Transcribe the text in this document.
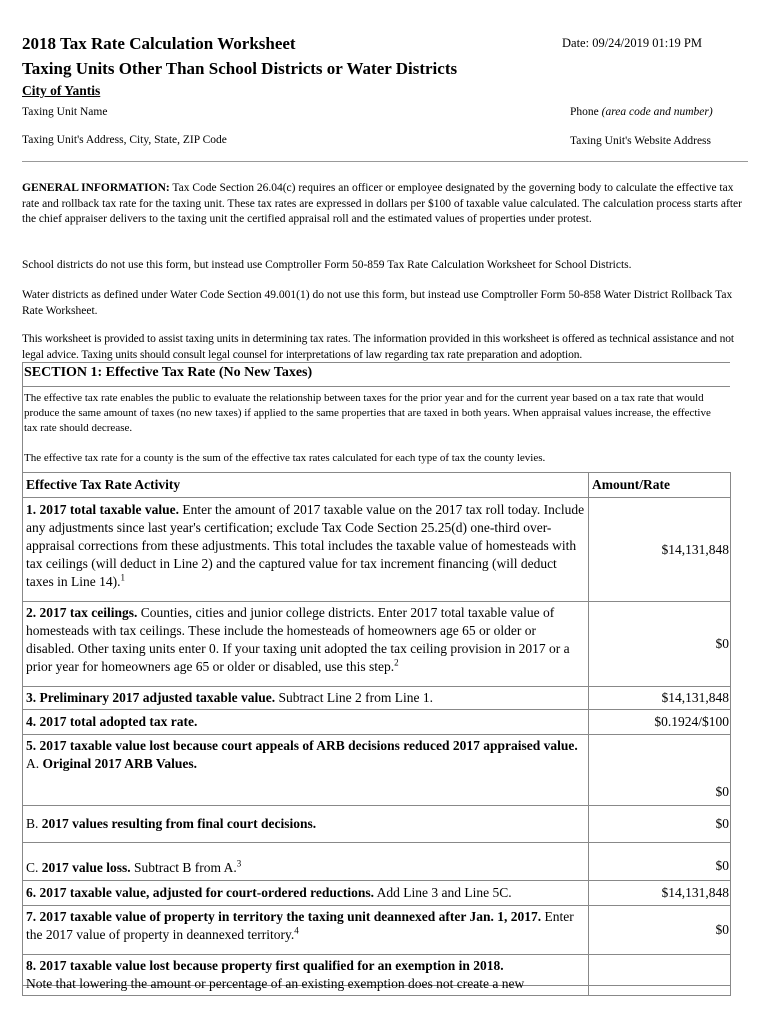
2018 Tax Rate Calculation Worksheet	Date: 09/24/2019 01:19 PM
Taxing Units Other Than School Districts or Water Districts
City of Yantis
Taxing Unit Name	Phone (area code and number)
Taxing Unit's Address, City, State, ZIP Code	Taxing Unit's Website Address
GENERAL INFORMATION: Tax Code Section 26.04(c) requires an officer or employee designated by the governing body to calculate the effective tax rate and rollback tax rate for the taxing unit. These tax rates are expressed in dollars per $100 of taxable value calculated. The calculation process starts after the chief appraiser delivers to the taxing unit the certified appraisal roll and the estimated values of properties under protest.
School districts do not use this form, but instead use Comptroller Form 50-859 Tax Rate Calculation Worksheet for School Districts.
Water districts as defined under Water Code Section 49.001(1) do not use this form, but instead use Comptroller Form 50-858 Water District Rollback Tax Rate Worksheet.
This worksheet is provided to assist taxing units in determining tax rates. The information provided in this worksheet is offered as technical assistance and not legal advice. Taxing units should consult legal counsel for interpretations of law regarding tax rate preparation and adoption.
SECTION 1: Effective Tax Rate (No New Taxes)
The effective tax rate enables the public to evaluate the relationship between taxes for the prior year and for the current year based on a tax rate that would produce the same amount of taxes (no new taxes) if applied to the same properties that are taxed in both years. When appraisal values increase, the effective tax rate should decrease.
The effective tax rate for a county is the sum of the effective tax rates calculated for each type of tax the county levies.
Effective Tax Rate Activity	Amount/Rate
1. 2017 total taxable value. Enter the amount of 2017 taxable value on the 2017 tax roll today. Include any adjustments since last year's certification; exclude Tax Code Section 25.25(d) one-third over-appraisal corrections from these adjustments. This total includes the taxable value of homesteads with tax ceilings (will deduct in Line 2) and the captured value for tax increment financing (will deduct taxes in Line 14).$^1$	$14,131,848
2. 2017 tax ceilings. Counties, cities and junior college districts. Enter 2017 total taxable value of homesteads with tax ceilings. These include the homesteads of homeowners age 65 or older or disabled. Other taxing units enter 0. If your taxing unit adopted the tax ceiling provision in 2017 or a prior year for homeowners age 65 or older or disabled, use this step.$^2$	$0
3. Preliminary 2017 adjusted taxable value. Subtract Line 2 from Line 1.	$14,131,848
4. 2017 total adopted tax rate.	$0.1924/$100
5. 2017 taxable value lost because court appeals of ARB decisions reduced 2017 appraised value.
A. Original 2017 ARB Values.	$0
B. 2017 values resulting from final court decisions.	$0
C. 2017 value loss. Subtract B from A.$^3$	$0
6. 2017 taxable value, adjusted for court-ordered reductions. Add Line 3 and Line 5C.	$14,131,848
7. 2017 taxable value of property in territory the taxing unit deannexed after Jan. 1, 2017. Enter the 2017 value of property in deannexed territory.$^4$	$0
8. 2017 taxable value lost because property first qualified for an exemption in 2018.
Note that lowering the amount or percentage of an existing exemption does not create a new	
